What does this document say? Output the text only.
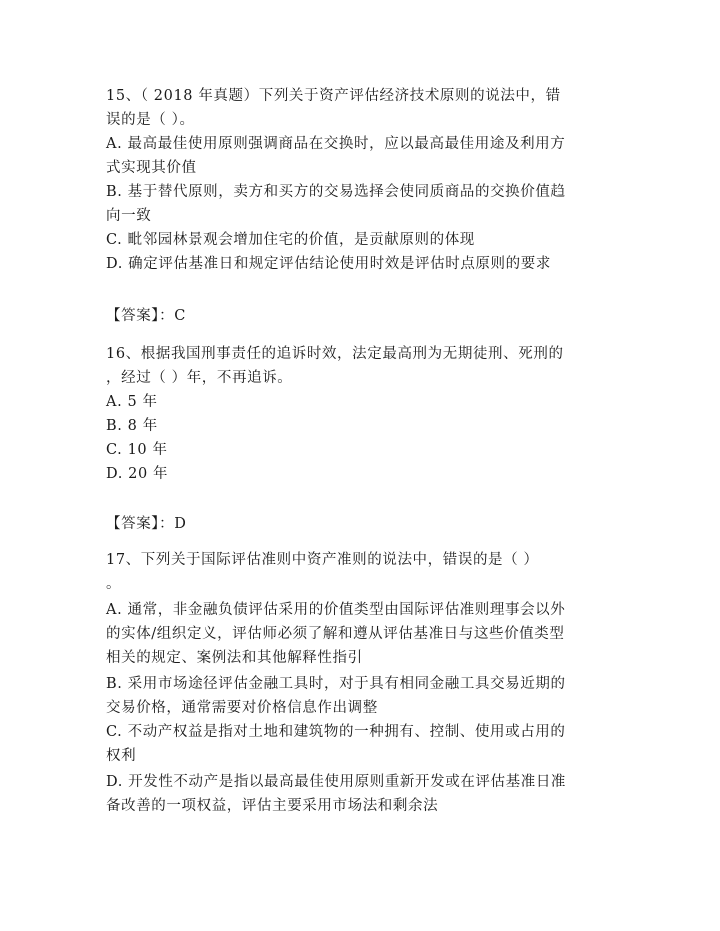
15、（ 2018 年真题）下列关于资产评估经济技术原则的说法中，错
误的是（ ）。
A. 最高最佳使用原则强调商品在交换时，应以最高最佳用途及利用方
式实现其价值
B. 基于替代原则，卖方和买方的交易选择会使同质商品的交换价值趋
向一致
C. 毗邻园林景观会增加住宅的价值，是贡献原则的体现
D. 确定评估基准日和规定评估结论使用时效是评估时点原则的要求
【答案】：C
16、根据我国刑事责任的追诉时效，法定最高刑为无期徒刑、死刑的
，经过（ ）年，不再追诉。
A. 5 年
B. 8 年
C. 10 年
D. 20 年
【答案】：D
17、下列关于国际评估准则中资产准则的说法中，错误的是（ ）
。
A. 通常，非金融负债评估采用的价值类型由国际评估准则理事会以外
的实体/组织定义，评估师必须了解和遵从评估基准日与这些价值类型
相关的规定、案例法和其他解释性指引
B. 采用市场途径评估金融工具时，对于具有相同金融工具交易近期的
交易价格，通常需要对价格信息作出调整
C. 不动产权益是指对土地和建筑物的一种拥有、控制、使用或占用的
权利
D. 开发性不动产是指以最高最佳使用原则重新开发或在评估基准日准
备改善的一项权益，评估主要采用市场法和剩余法
